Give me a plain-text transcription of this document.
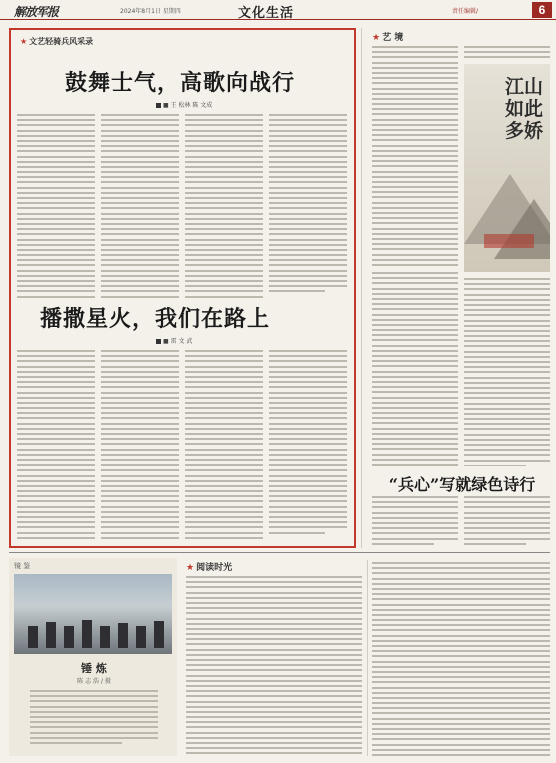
解放军报	2024年8月1日 星期四	文化生活	责任编辑/	6
★ 文艺轻骑兵风采录
鼓舞士气，高歌向战行
■ 王 松林 陈 文成
播撒星火，我们在路上
■ 雷 文 武
★ 艺 境
江山如此多娇
“兵心”写就绿色诗行
镜 鉴
锤 炼
陈 志 浩 / 摄
★ 阅读时光
